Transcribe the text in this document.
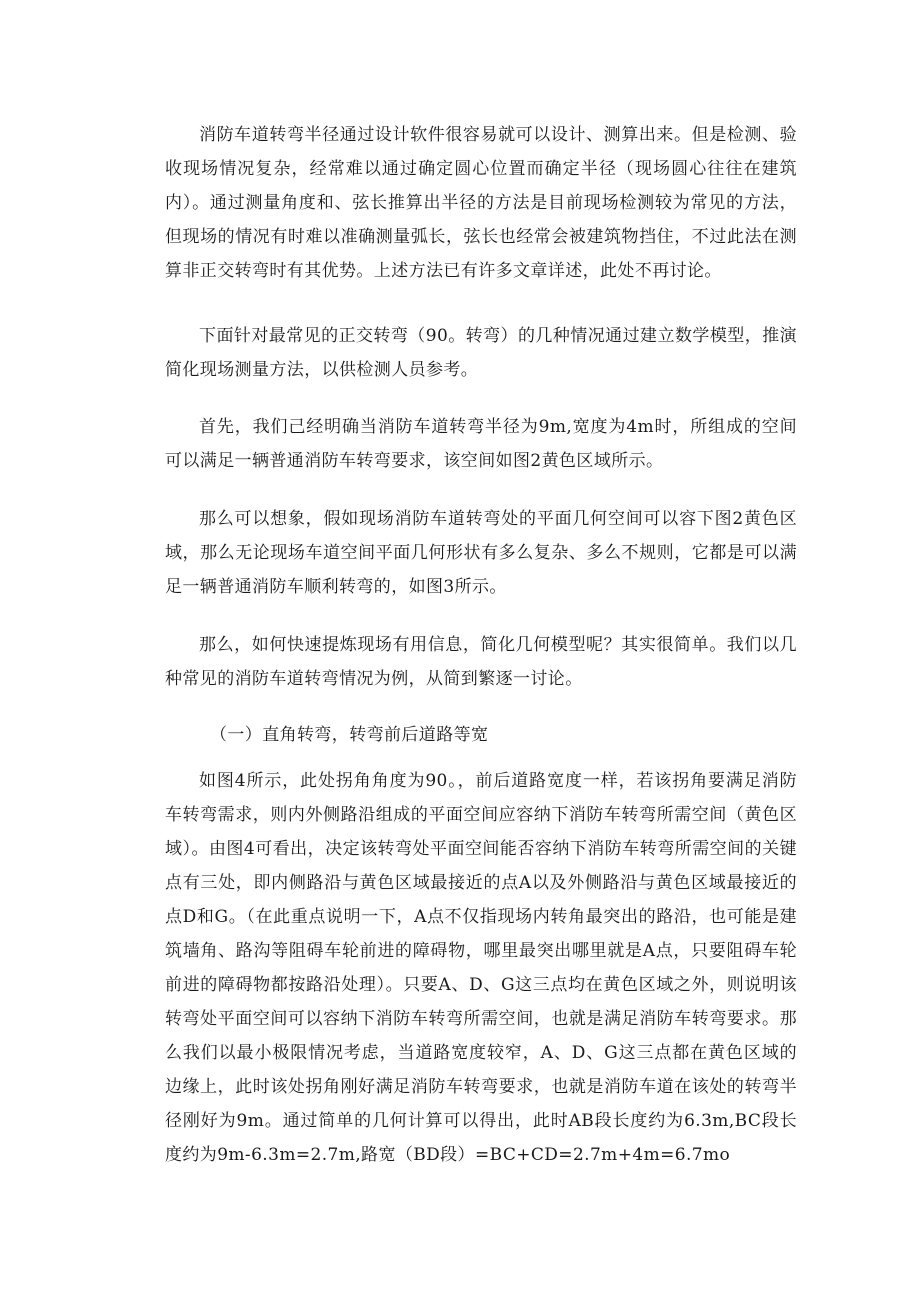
消防车道转弯半径通过设计软件很容易就可以设计、测算出来。但是检测、验收现场情况复杂，经常难以通过确定圆心位置而确定半径（现场圆心往往在建筑内）。通过测量角度和、弦长推算出半径的方法是目前现场检测较为常见的方法，但现场的情况有时难以准确测量弧长，弦长也经常会被建筑物挡住，不过此法在测算非正交转弯时有其优势。上述方法已有许多文章详述，此处不再讨论。

下面针对最常见的正交转弯（90。转弯）的几种情况通过建立数学模型，推演简化现场测量方法，以供检测人员参考。

首先，我们己经明确当消防车道转弯半径为9m,宽度为4m时，所组成的空间可以满足一辆普通消防车转弯要求，该空间如图2黄色区域所示。

那么可以想象，假如现场消防车道转弯处的平面几何空间可以容下图2黄色区域，那么无论现场车道空间平面几何形状有多么复杂、多么不规则，它都是可以满足一辆普通消防车顺利转弯的，如图3所示。

那么，如何快速提炼现场有用信息，简化几何模型呢？其实很简单。我们以几种常见的消防车道转弯情况为例，从简到繁逐一讨论。

（一）直角转弯，转弯前后道路等宽

如图4所示，此处拐角角度为90。，前后道路宽度一样，若该拐角要满足消防车转弯需求，则内外侧路沿组成的平面空间应容纳下消防车转弯所需空间（黄色区域）。由图4可看出，决定该转弯处平面空间能否容纳下消防车转弯所需空间的关键点有三处，即内侧路沿与黄色区域最接近的点A以及外侧路沿与黄色区域最接近的点D和G。（在此重点说明一下，A点不仅指现场内转角最突出的路沿，也可能是建筑墙角、路沟等阻碍车轮前进的障碍物，哪里最突出哪里就是A点，只要阻碍车轮前进的障碍物都按路沿处理）。只要A、D、G这三点均在黄色区域之外，则说明该转弯处平面空间可以容纳下消防车转弯所需空间，也就是满足消防车转弯要求。那么我们以最小极限情况考虑，当道路宽度较窄，A、D、G这三点都在黄色区域的边缘上，此时该处拐角刚好满足消防车转弯要求，也就是消防车道在该处的转弯半径刚好为9m。通过简单的几何计算可以得出，此时AB段长度约为6.3m,BC段长度约为9m-6.3m=2.7m,路宽（BD段）=BC+CD=2.7m+4m=6.7mo
